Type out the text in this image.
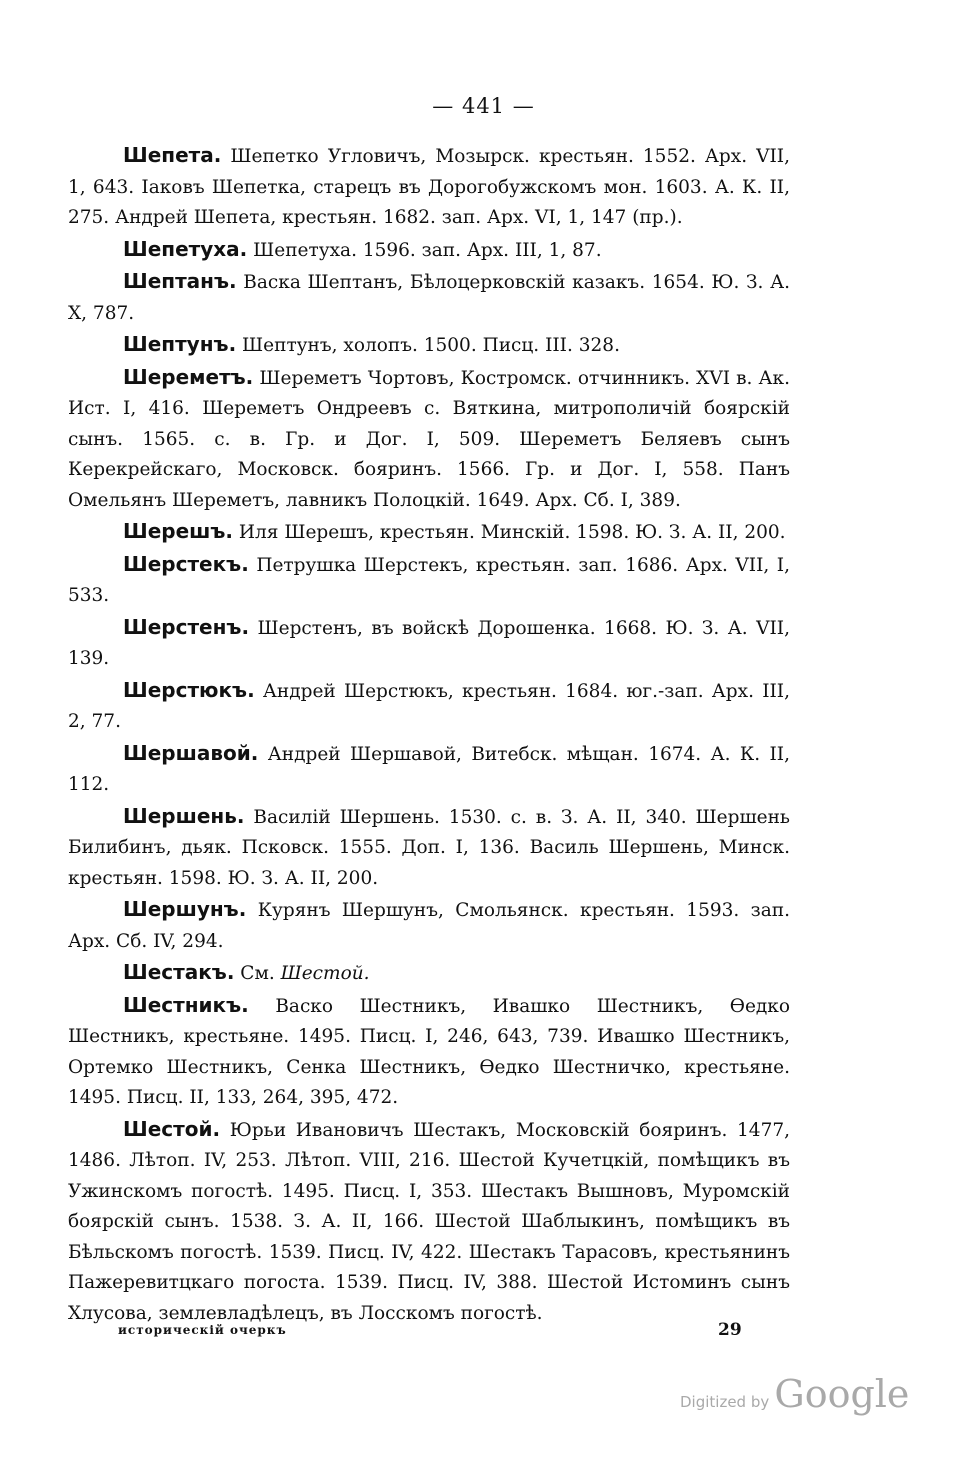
— 441 —

Шепета. Шепетко Угловичъ, Мозырск. крестьян. 1552. Арх. VII, 1, 643. Іаковъ Шепетка, старецъ въ Дорогобужскомъ мон. 1603. А. К. II, 275. Андрей Шепета, крестьян. 1682. зап. Арх. VI, 1, 147 (пр.).

Шепетуха. Шепетуха. 1596. зап. Арх. III, 1, 87.

Шептанъ. Васка Шептанъ, Бѣлоцерковскій казакъ. 1654. Ю. З. А. X, 787.

Шептунъ. Шептунъ, холопъ. 1500. Писц. III. 328.

Шереметъ. Шереметъ Чортовъ, Костромск. отчинникъ. XVI в. Ак. Ист. I, 416. Шереметъ Ондреевъ с. Вяткина, митрополичій боярскій сынъ. 1565. с. в. Гр. и Дог. I, 509. Шереметъ Беляевъ сынъ Керекрейскаго, Московск. бояринъ. 1566. Гр. и Дог. I, 558. Панъ Омельянъ Шереметъ, лавникъ Полоцкій. 1649. Арх. Сб. I, 389.

Шерешъ. Иля Шерешъ, крестьян. Минскій. 1598. Ю. З. А. II, 200.

Шерстекъ. Петрушка Шерстекъ, крестьян. зап. 1686. Арх. VII, I, 533.

Шерстенъ. Шерстенъ, въ войскѣ Дорошенка. 1668. Ю. З. А. VII, 139.

Шерстюкъ. Андрей Шерстюкъ, крестьян. 1684. юг.-зап. Арх. III, 2, 77.

Шершавой. Андрей Шершавой, Витебск. мѣщан. 1674. А. К. II, 112.

Шершень. Василій Шершень. 1530. с. в. З. А. II, 340. Шершень Билибинъ, дьяк. Псковск. 1555. Доп. I, 136. Василь Шершень, Минск. крестьян. 1598. Ю. З. А. II, 200.

Шершунъ. Курянъ Шершунъ, Смольянск. крестьян. 1593. зап. Арх. Сб. IV, 294.

Шестакъ. См. Шестой.

Шестникъ. Васко Шестникъ, Ивашко Шестникъ, Ѳедко Шестникъ, крестьяне. 1495. Писц. I, 246, 643, 739. Ивашко Шестникъ, Ортемко Шестникъ, Сенка Шестникъ, Ѳедко Шестничко, крестьяне. 1495. Писц. II, 133, 264, 395, 472.

Шестой. Юрьи Ивановичъ Шестакъ, Московскій бояринъ. 1477, 1486. Лѣтоп. IV, 253. Лѣтоп. VIII, 216. Шестой Кучетцкій, помѣщикъ въ Ужинскомъ погостѣ. 1495. Писц. I, 353. Шестакъ Вышновъ, Муромскій боярскій сынъ. 1538. З. А. II, 166. Шестой Шаблыкинъ, помѣщикъ въ Бѣльскомъ погостѣ. 1539. Писц. IV, 422. Шестакъ Тарасовъ, крестьянинъ Пажеревитцкаго погоста. 1539. Писц. IV, 388. Шестой Истоминъ сынъ Хлусова, землевладѣлецъ, въ Лосскомъ погостѣ.

историческій очеркъ	29
Digitized by Google
